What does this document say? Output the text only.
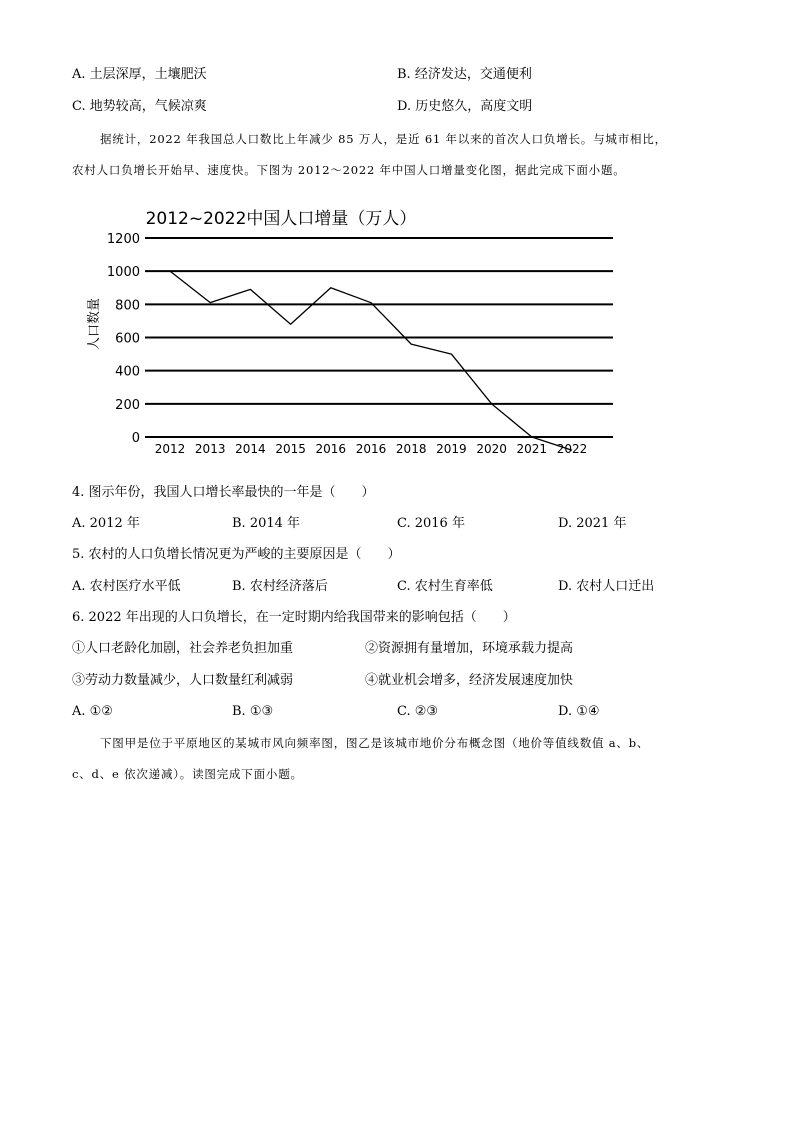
A. 土层深厚，土壤肥沃	B. 经济发达，交通便利
C. 地势较高，气候凉爽	D. 历史悠久，高度文明
据统计，2022 年我国总人口数比上年减少 85 万人，是近 61 年以来的首次人口负增长。与城市相比，
农村人口负增长开始早、速度快。下图为 2012～2022 年中国人口增量变化图，据此完成下面小题。
2012~2022中国人口增量（万人）
人口数量
1200
1000
800
600
400
200
0
2012 2013 2014 2015 2016 2016 2018 2019 2020 2021 2022
4. 图示年份，我国人口增长率最快的一年是（　　）
A. 2012 年	B. 2014 年	C. 2016 年	D. 2021 年
5. 农村的人口负增长情况更为严峻的主要原因是（　　）
A. 农村医疗水平低	B. 农村经济落后	C. 农村生育率低	D. 农村人口迁出
6. 2022 年出现的人口负增长，在一定时期内给我国带来的影响包括（　　）
①人口老龄化加剧，社会养老负担加重	②资源拥有量增加，环境承载力提高
③劳动力数量减少，人口数量红利减弱	④就业机会增多，经济发展速度加快
A. ①②	B. ①③	C. ②③	D. ①④
下图甲是位于平原地区的某城市风向频率图，图乙是该城市地价分布概念图（地价等值线数值 a、b、
c、d、e 依次递减）。读图完成下面小题。
